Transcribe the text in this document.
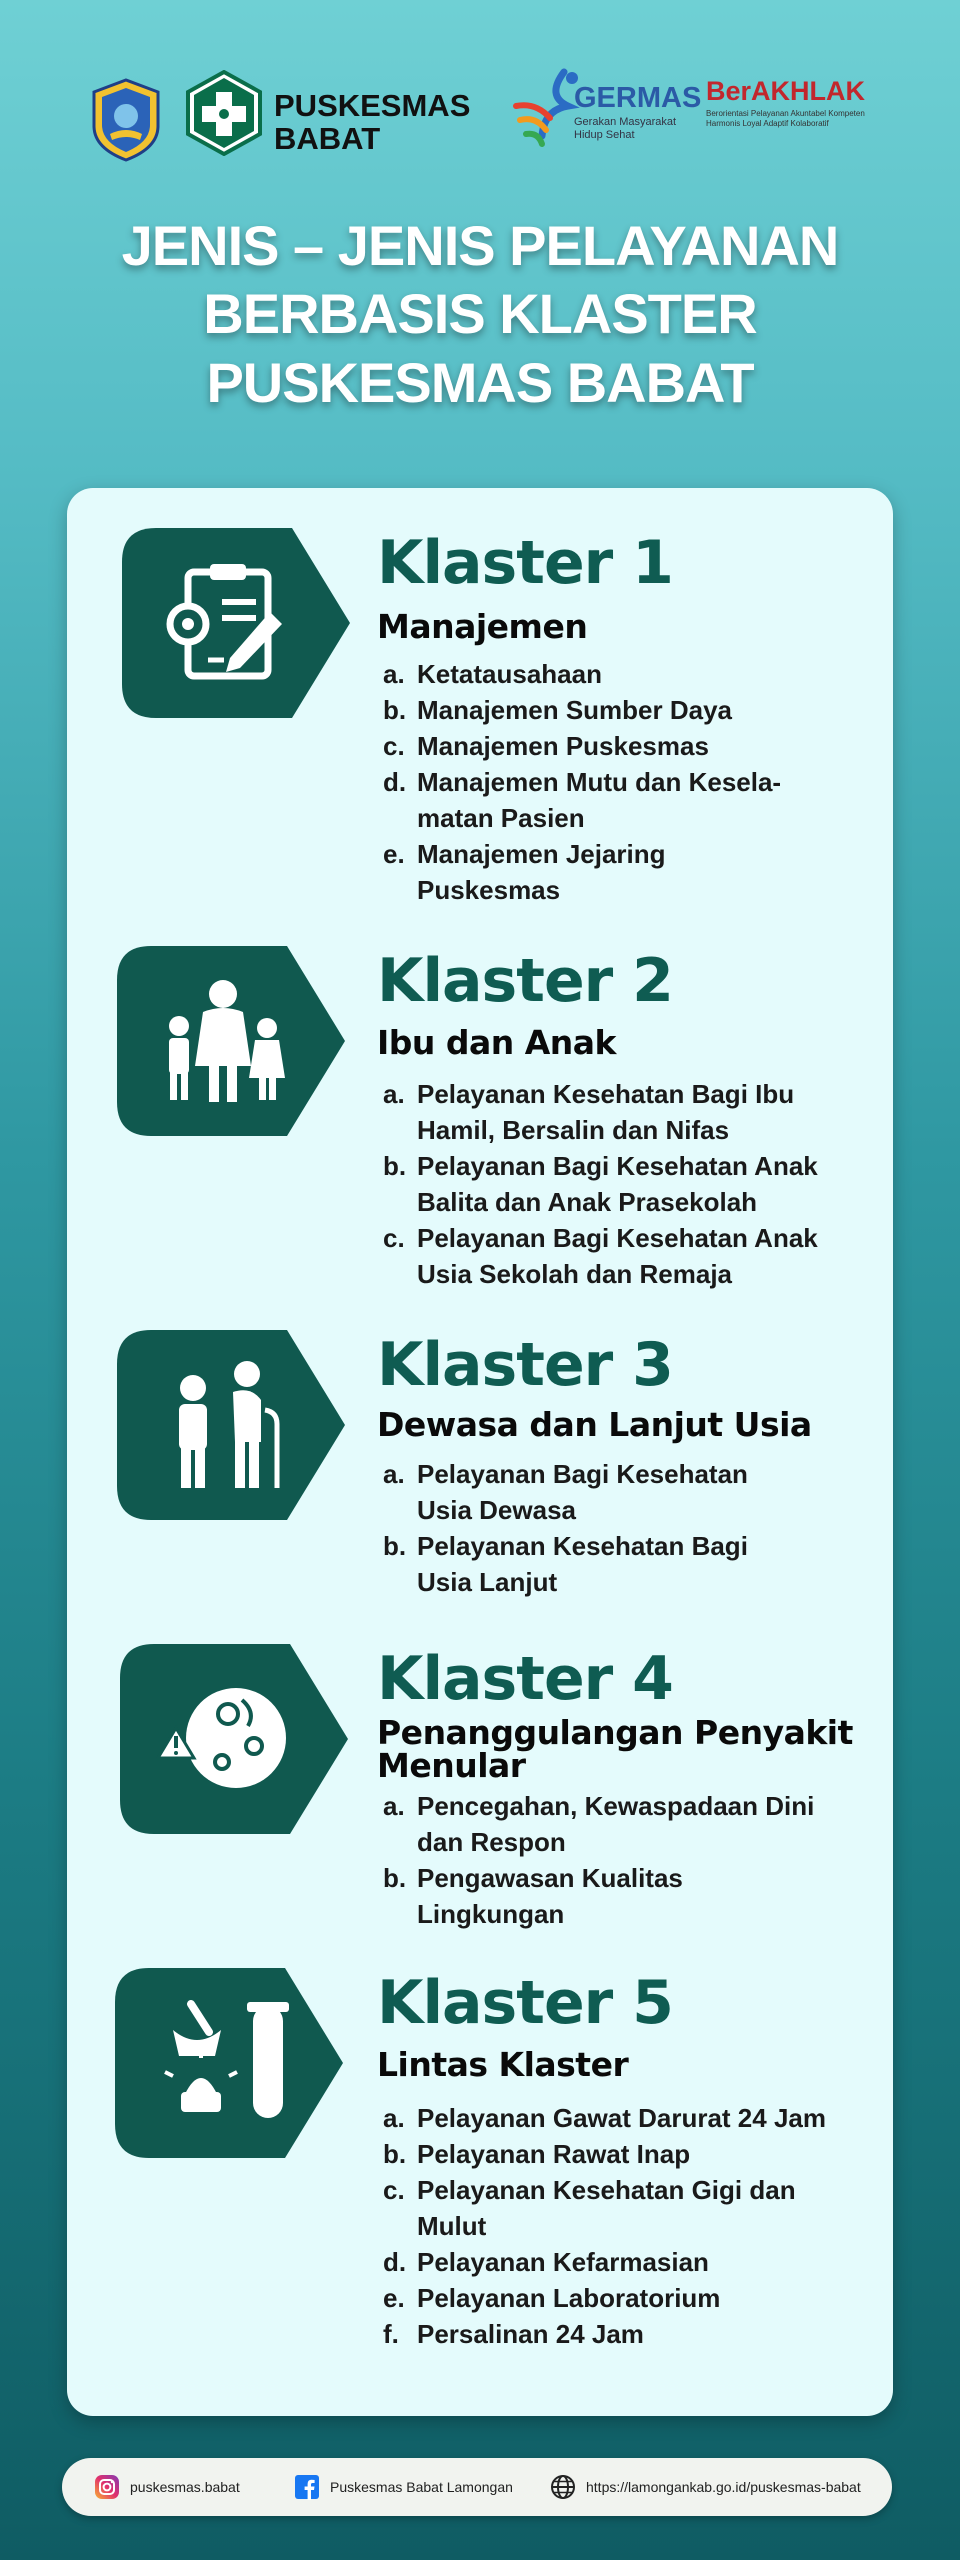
PUSKESMAS
BABAT
GERMAS
Gerakan Masyarakat
Hidup Sehat
BerAKHLAK
Berorientasi Pelayanan Akuntabel Kompeten Harmonis Loyal Adaptif Kolaboratif
JENIS – JENIS PELAYANAN
BERBASIS KLASTER
PUSKESMAS BABAT
Klaster 1
Manajemen
a. Ketatausahaan
b. Manajemen Sumber Daya
c. Manajemen Puskesmas
d. Manajemen Mutu dan Kesela-matan Pasien
e. Manajemen Jejaring Puskesmas
Klaster 2
Ibu dan Anak
a. Pelayanan Kesehatan Bagi Ibu Hamil, Bersalin dan Nifas
b. Pelayanan Bagi Kesehatan Anak Balita dan Anak Prasekolah
c. Pelayanan Bagi Kesehatan Anak Usia Sekolah dan Remaja
Klaster 3
Dewasa dan Lanjut Usia
a. Pelayanan Bagi Kesehatan Usia Dewasa
b. Pelayanan Kesehatan Bagi Usia Lanjut
Klaster 4
Penanggulangan Penyakit Menular
a. Pencegahan, Kewaspadaan Dini dan Respon
b. Pengawasan Kualitas Lingkungan
Klaster 5
Lintas Klaster
a. Pelayanan Gawat Darurat 24 Jam
b. Pelayanan Rawat Inap
c. Pelayanan Kesehatan Gigi dan Mulut
d. Pelayanan Kefarmasian
e. Pelayanan Laboratorium
f. Persalinan 24 Jam
puskesmas.babat	Puskesmas Babat Lamongan	https://lamongankab.go.id/puskesmas-babat
